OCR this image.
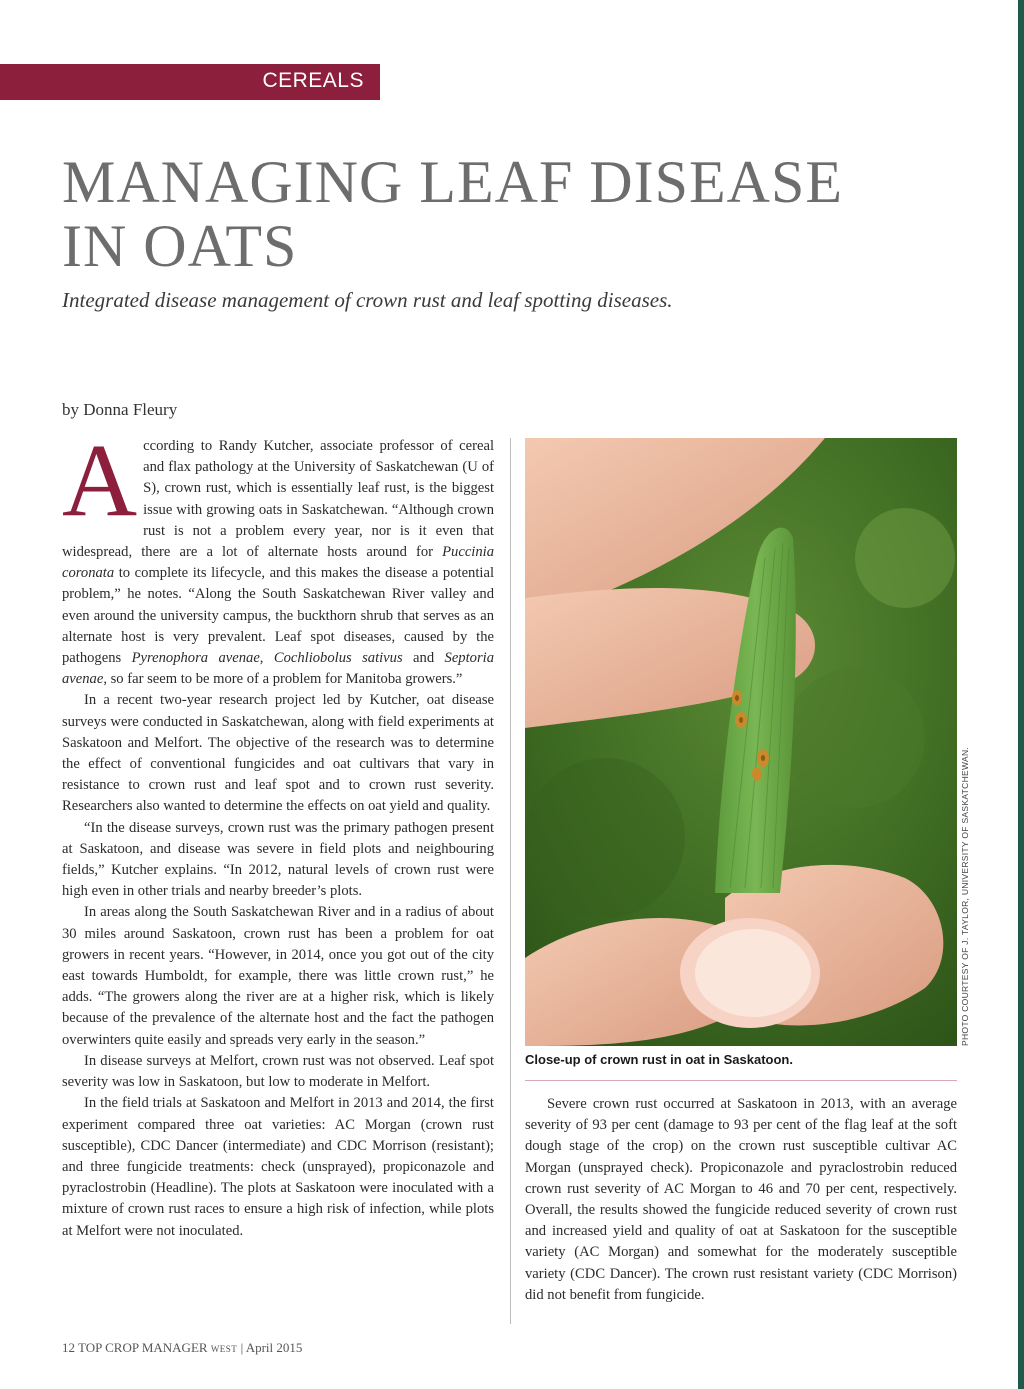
CEREALS
MANAGING LEAF DISEASE
IN OATS

Integrated disease management of crown rust and leaf spotting diseases.

by Donna Fleury

According to Randy Kutcher, associate professor of cereal and flax pathology at the University of Saskatchewan (U of S), crown rust, which is essentially leaf rust, is the biggest issue with growing oats in Saskatchewan. “Although crown rust is not a problem every year, nor is it even that widespread, there are a lot of alternate hosts around for Puccinia coronata to complete its lifecycle, and this makes the disease a potential problem,” he notes. “Along the South Saskatchewan River valley and even around the university campus, the buckthorn shrub that serves as an alternate host is very prevalent. Leaf spot diseases, caused by the pathogens Pyrenophora avenae, Cochliobolus sativus and Septoria avenae, so far seem to be more of a problem for Manitoba growers.”

In a recent two-year research project led by Kutcher, oat disease surveys were conducted in Saskatchewan, along with field experiments at Saskatoon and Melfort. The objective of the research was to determine the effect of conventional fungicides and oat cultivars that vary in resistance to crown rust and leaf spot and to crown rust severity. Researchers also wanted to determine the effects on oat yield and quality.

“In the disease surveys, crown rust was the primary pathogen present at Saskatoon, and disease was severe in field plots and neighbouring fields,” Kutcher explains. “In 2012, natural levels of crown rust were high even in other trials and nearby breeder’s plots.

In areas along the South Saskatchewan River and in a radius of about 30 miles around Saskatoon, crown rust has been a problem for oat growers in recent years. “However, in 2014, once you got out of the city east towards Humboldt, for example, there was little crown rust,” he adds. “The growers along the river are at a higher risk, which is likely because of the prevalence of the alternate host and the fact the pathogen overwinters quite easily and spreads very early in the season.”

In disease surveys at Melfort, crown rust was not observed. Leaf spot severity was low in Saskatoon, but low to moderate in Melfort.

In the field trials at Saskatoon and Melfort in 2013 and 2014, the first experiment compared three oat varieties: AC Morgan (crown rust susceptible), CDC Dancer (intermediate) and CDC Morrison (resistant); and three fungicide treatments: check (unsprayed), propiconazole and pyraclostrobin (Headline). The plots at Saskatoon were inoculated with a mixture of crown rust races to ensure a high risk of infection, while plots at Melfort were not inoculated.

PHOTO COURTESY OF J. TAYLOR, UNIVERSITY OF SASKATCHEWAN.
Close-up of crown rust in oat in Saskatoon.

Severe crown rust occurred at Saskatoon in 2013, with an average severity of 93 per cent (damage to 93 per cent of the flag leaf at the soft dough stage of the crop) on the crown rust susceptible cultivar AC Morgan (unsprayed check). Propiconazole and pyraclostrobin reduced crown rust severity of AC Morgan to 46 and 70 per cent, respectively. Overall, the results showed the fungicide reduced severity of crown rust and increased yield and quality of oat at Saskatoon for the susceptible variety (AC Morgan) and somewhat for the moderately susceptible variety (CDC Dancer). The crown rust resistant variety (CDC Morrison) did not benefit from fungicide.

12 TOP CROP MANAGER WEST | April 2015
